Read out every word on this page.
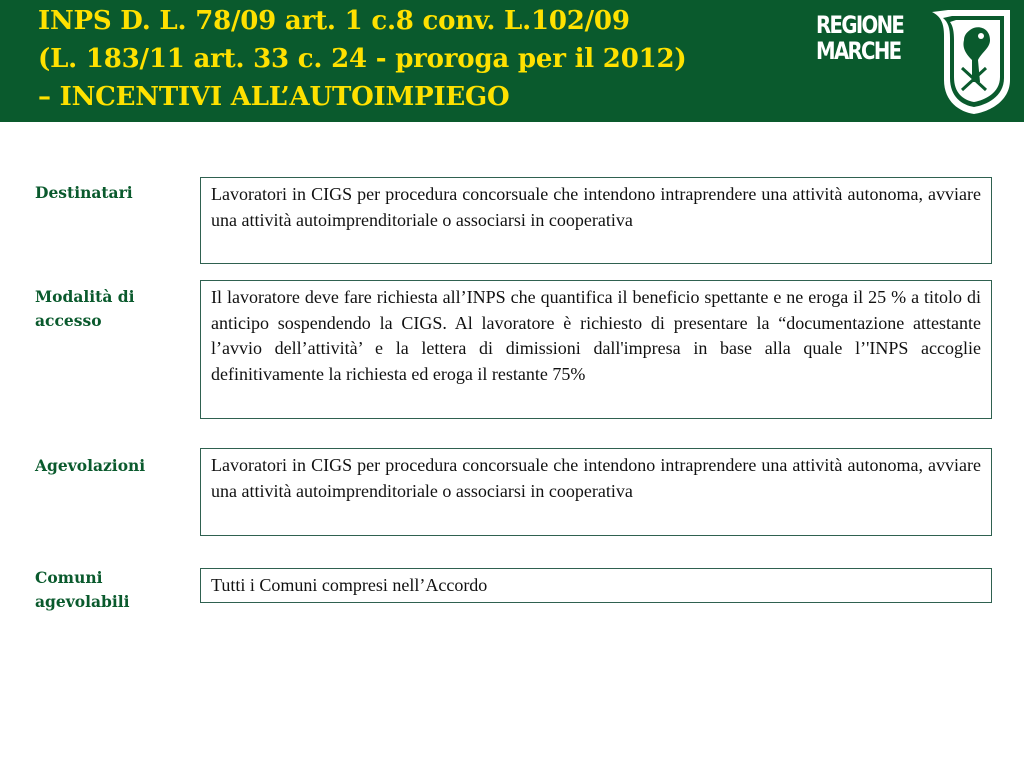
INPS D. L. 78/09 art. 1 c.8 conv. L.102/09
(L. 183/11 art. 33 c. 24 - proroga per il 2012)
– INCENTIVI ALL’AUTOIMPIEGO
REGIONE
MARCHE
Destinatari	Lavoratori in CIGS per procedura concorsuale che intendono intraprendere una attività autonoma, avviare una attività autoimprenditoriale o associarsi in cooperativa
Modalità di
accesso
Il lavoratore deve fare richiesta all’INPS che quantifica il beneficio spettante e ne eroga il 25 % a titolo di anticipo sospendendo la CIGS. Al lavoratore è richiesto di presentare la “documentazione attestante l’avvio dell’attività’ e la lettera di dimissioni dall'impresa in base alla quale l’'INPS accoglie definitivamente la richiesta ed eroga il restante 75%
Agevolazioni	Lavoratori in CIGS per procedura concorsuale che intendono intraprendere una attività autonoma, avviare una attività autoimprenditoriale o associarsi in cooperativa
Comuni
agevolabili
Tutti i Comuni compresi nell’Accordo
